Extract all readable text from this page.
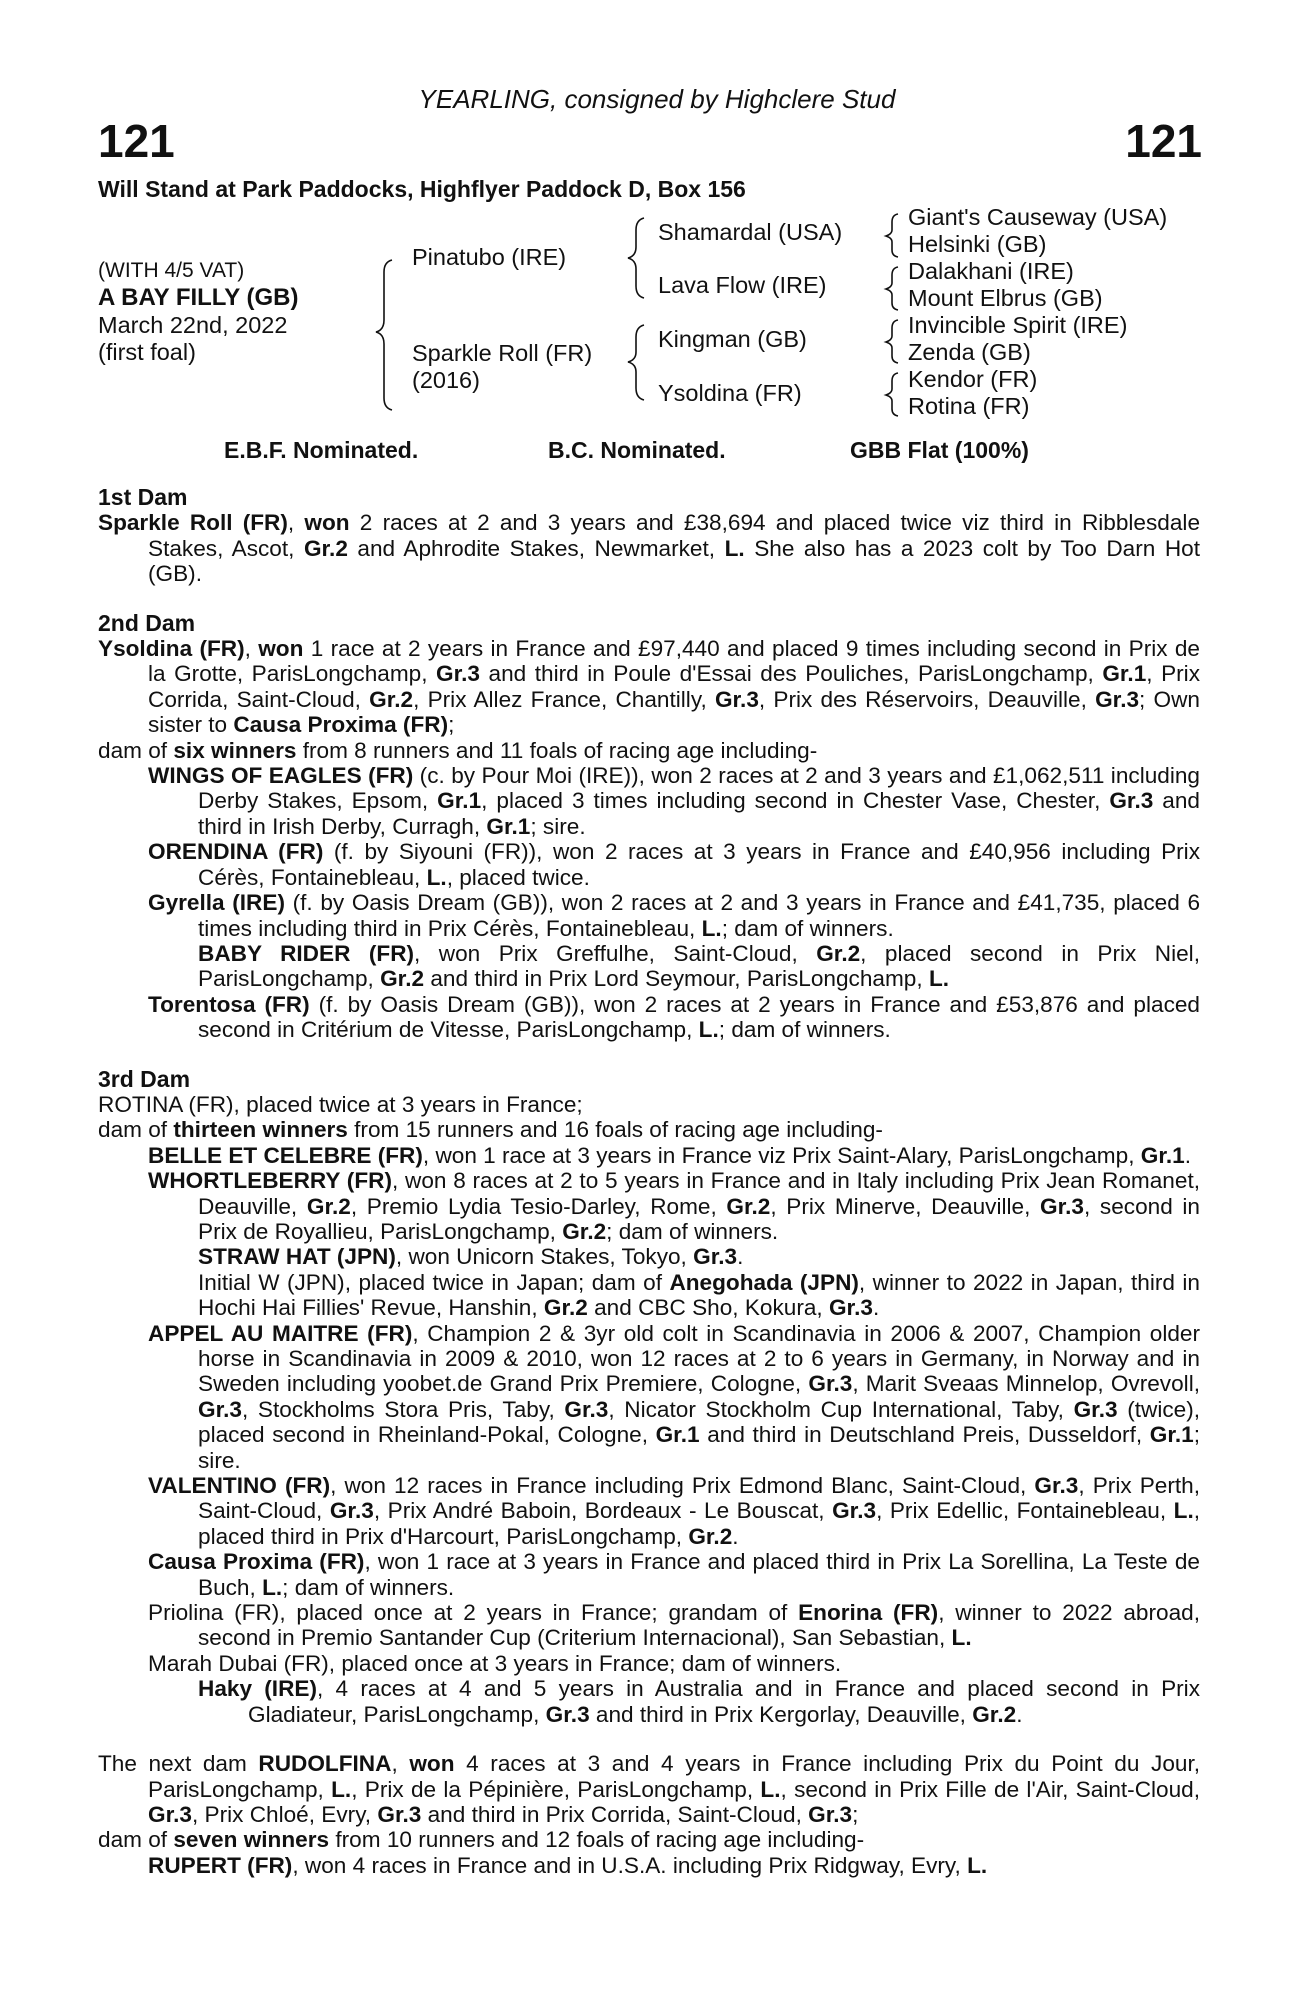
YEARLING, consigned by Highclere Stud
121	121
Will Stand at Park Paddocks, Highflyer Paddock D, Box 156
(WITH 4/5 VAT)
A BAY FILLY (GB)
March 22nd, 2022
(first foal)
Pinatubo (IRE)
Sparkle Roll (FR)
(2016)
Shamardal (USA)
Lava Flow (IRE)
Kingman (GB)
Ysoldina (FR)
Giant's Causeway (USA)
Helsinki (GB)
Dalakhani (IRE)
Mount Elbrus (GB)
Invincible Spirit (IRE)
Zenda (GB)
Kendor (FR)
Rotina (FR)
E.B.F. Nominated.	B.C. Nominated.	GBB Flat (100%)
1st Dam

Sparkle Roll (FR), won 2 races at 2 and 3 years and £38,694 and placed twice viz third in Ribblesdale Stakes, Ascot, Gr.2 and Aphrodite Stakes, Newmarket, L. She also has a 2023 colt by Too Darn Hot (GB).

2nd Dam

Ysoldina (FR), won 1 race at 2 years in France and £97,440 and placed 9 times including second in Prix de la Grotte, ParisLongchamp, Gr.3 and third in Poule d'Essai des Pouliches, ParisLongchamp, Gr.1, Prix Corrida, Saint-Cloud, Gr.2, Prix Allez France, Chantilly, Gr.3, Prix des Réservoirs, Deauville, Gr.3; Own sister to Causa Proxima (FR);

dam of six winners from 8 runners and 11 foals of racing age including-

WINGS OF EAGLES (FR) (c. by Pour Moi (IRE)), won 2 races at 2 and 3 years and £1,062,511 including Derby Stakes, Epsom, Gr.1, placed 3 times including second in Chester Vase, Chester, Gr.3 and third in Irish Derby, Curragh, Gr.1; sire.

ORENDINA (FR) (f. by Siyouni (FR)), won 2 races at 3 years in France and £40,956 including Prix Cérès, Fontainebleau, L., placed twice.

Gyrella (IRE) (f. by Oasis Dream (GB)), won 2 races at 2 and 3 years in France and £41,735, placed 6 times including third in Prix Cérès, Fontainebleau, L.; dam of winners.

BABY RIDER (FR), won Prix Greffulhe, Saint-Cloud, Gr.2, placed second in Prix Niel, ParisLongchamp, Gr.2 and third in Prix Lord Seymour, ParisLongchamp, L.

Torentosa (FR) (f. by Oasis Dream (GB)), won 2 races at 2 years in France and £53,876 and placed second in Critérium de Vitesse, ParisLongchamp, L.; dam of winners.

3rd Dam

ROTINA (FR), placed twice at 3 years in France;

dam of thirteen winners from 15 runners and 16 foals of racing age including-

BELLE ET CELEBRE (FR), won 1 race at 3 years in France viz Prix Saint-Alary, ParisLongchamp, Gr.1.

WHORTLEBERRY (FR), won 8 races at 2 to 5 years in France and in Italy including Prix Jean Romanet, Deauville, Gr.2, Premio Lydia Tesio-Darley, Rome, Gr.2, Prix Minerve, Deauville, Gr.3, second in Prix de Royallieu, ParisLongchamp, Gr.2; dam of winners.

STRAW HAT (JPN), won Unicorn Stakes, Tokyo, Gr.3.

Initial W (JPN), placed twice in Japan; dam of Anegohada (JPN), winner to 2022 in Japan, third in Hochi Hai Fillies' Revue, Hanshin, Gr.2 and CBC Sho, Kokura, Gr.3.

APPEL AU MAITRE (FR), Champion 2 & 3yr old colt in Scandinavia in 2006 & 2007, Champion older horse in Scandinavia in 2009 & 2010, won 12 races at 2 to 6 years in Germany, in Norway and in Sweden including yoobet.de Grand Prix Premiere, Cologne, Gr.3, Marit Sveaas Minnelop, Ovrevoll, Gr.3, Stockholms Stora Pris, Taby, Gr.3, Nicator Stockholm Cup International, Taby, Gr.3 (twice), placed second in Rheinland-Pokal, Cologne, Gr.1 and third in Deutschland Preis, Dusseldorf, Gr.1; sire.

VALENTINO (FR), won 12 races in France including Prix Edmond Blanc, Saint-Cloud, Gr.3, Prix Perth, Saint-Cloud, Gr.3, Prix André Baboin, Bordeaux - Le Bouscat, Gr.3, Prix Edellic, Fontainebleau, L., placed third in Prix d'Harcourt, ParisLongchamp, Gr.2.

Causa Proxima (FR), won 1 race at 3 years in France and placed third in Prix La Sorellina, La Teste de Buch, L.; dam of winners.

Priolina (FR), placed once at 2 years in France; grandam of Enorina (FR), winner to 2022 abroad, second in Premio Santander Cup (Criterium Internacional), San Sebastian, L.

Marah Dubai (FR), placed once at 3 years in France; dam of winners.

Haky (IRE), 4 races at 4 and 5 years in Australia and in France and placed second in Prix Gladiateur, ParisLongchamp, Gr.3 and third in Prix Kergorlay, Deauville, Gr.2.

The next dam RUDOLFINA, won 4 races at 3 and 4 years in France including Prix du Point du Jour, ParisLongchamp, L., Prix de la Pépinière, ParisLongchamp, L., second in Prix Fille de l'Air, Saint-Cloud, Gr.3, Prix Chloé, Evry, Gr.3 and third in Prix Corrida, Saint-Cloud, Gr.3;

dam of seven winners from 10 runners and 12 foals of racing age including-

RUPERT (FR), won 4 races in France and in U.S.A. including Prix Ridgway, Evry, L.
